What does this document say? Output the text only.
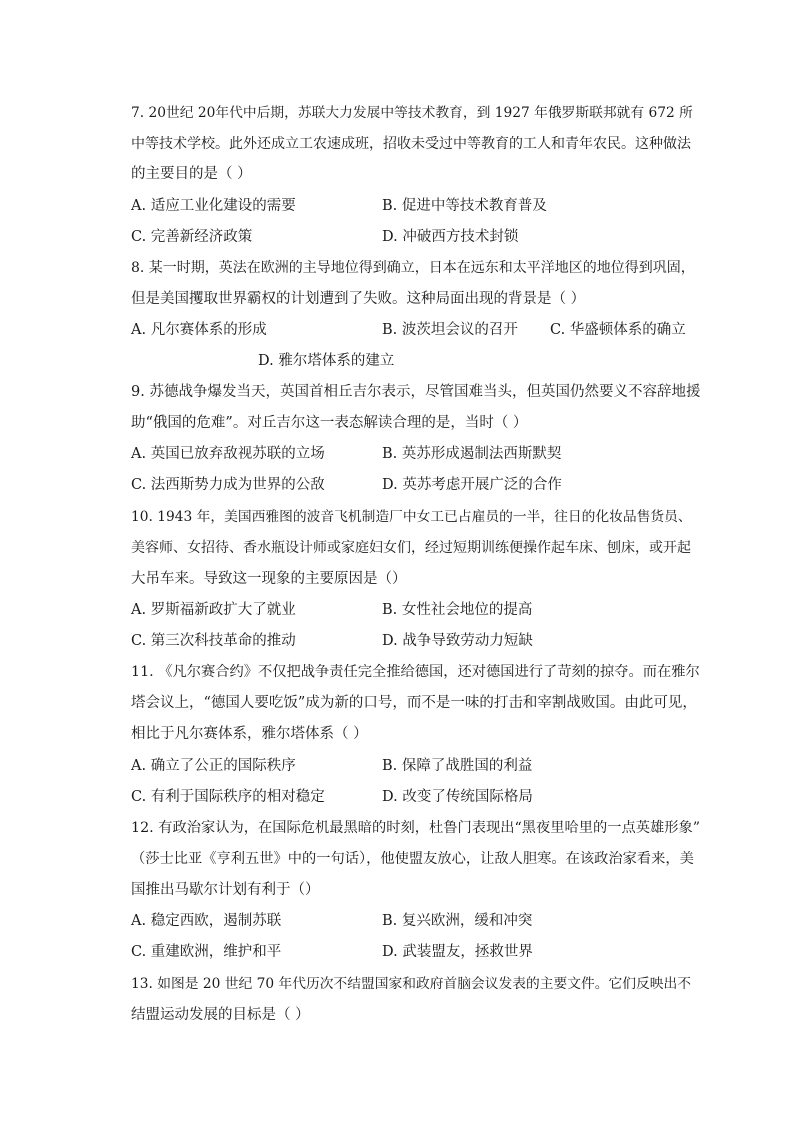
7. 20世纪 20年代中后期，苏联大力发展中等技术教育，到 1927 年俄罗斯联邦就有 672 所
中等技术学校。此外还成立工农速成班，招收未受过中等教育的工人和青年农民。这种做法
的主要目的是（ ）
A. 适应工业化建设的需要	B. 促进中等技术教育普及
C. 完善新经济政策	D. 冲破西方技术封锁
8. 某一时期，英法在欧洲的主导地位得到确立，日本在远东和太平洋地区的地位得到巩固，
但是美国攫取世界霸权的计划遭到了失败。这种局面出现的背景是（ ）
A. 凡尔赛体系的形成	B. 波茨坦会议的召开 C. 华盛顿体系的确立
D. 雅尔塔体系的建立
9. 苏德战争爆发当天，英国首相丘吉尔表示，尽管国难当头，但英国仍然要义不容辞地援
助“俄国的危难”。对丘吉尔这一表态解读合理的是，当时（ ）
A. 英国已放弃敌视苏联的立场	B. 英苏形成遏制法西斯默契
C. 法西斯势力成为世界的公敌	D. 英苏考虑开展广泛的合作
10. 1943 年，美国西雅图的波音飞机制造厂中女工已占雇员的一半，往日的化妆品售货员、
美容师、女招待、香水瓶设计师或家庭妇女们，经过短期训练便操作起车床、刨床，或开起
大吊车来。导致这一现象的主要原因是（）
A. 罗斯福新政扩大了就业	B. 女性社会地位的提高
C. 第三次科技革命的推动	D. 战争导致劳动力短缺
11. 《凡尔赛合约》不仅把战争责任完全推给德国，还对德国进行了苛刻的掠夺。而在雅尔
塔会议上，“德国人要吃饭”成为新的口号，而不是一味的打击和宰割战败国。由此可见，
相比于凡尔赛体系，雅尔塔体系（ ）
A. 确立了公正的国际秩序	B. 保障了战胜国的利益
C. 有利于国际秩序的相对稳定	D. 改变了传统国际格局
12. 有政治家认为，在国际危机最黑暗的时刻，杜鲁门表现出“黑夜里哈里的一点英雄形象”
（莎士比亚《亨利五世》中的一句话），他使盟友放心，让敌人胆寒。在该政治家看来，美
国推出马歇尔计划有利于（）
A. 稳定西欧，遏制苏联	B. 复兴欧洲，缓和冲突
C. 重建欧洲，维护和平	D. 武装盟友，拯救世界
13. 如图是 20 世纪 70 年代历次不结盟国家和政府首脑会议发表的主要文件。它们反映出不
结盟运动发展的目标是（ ）
